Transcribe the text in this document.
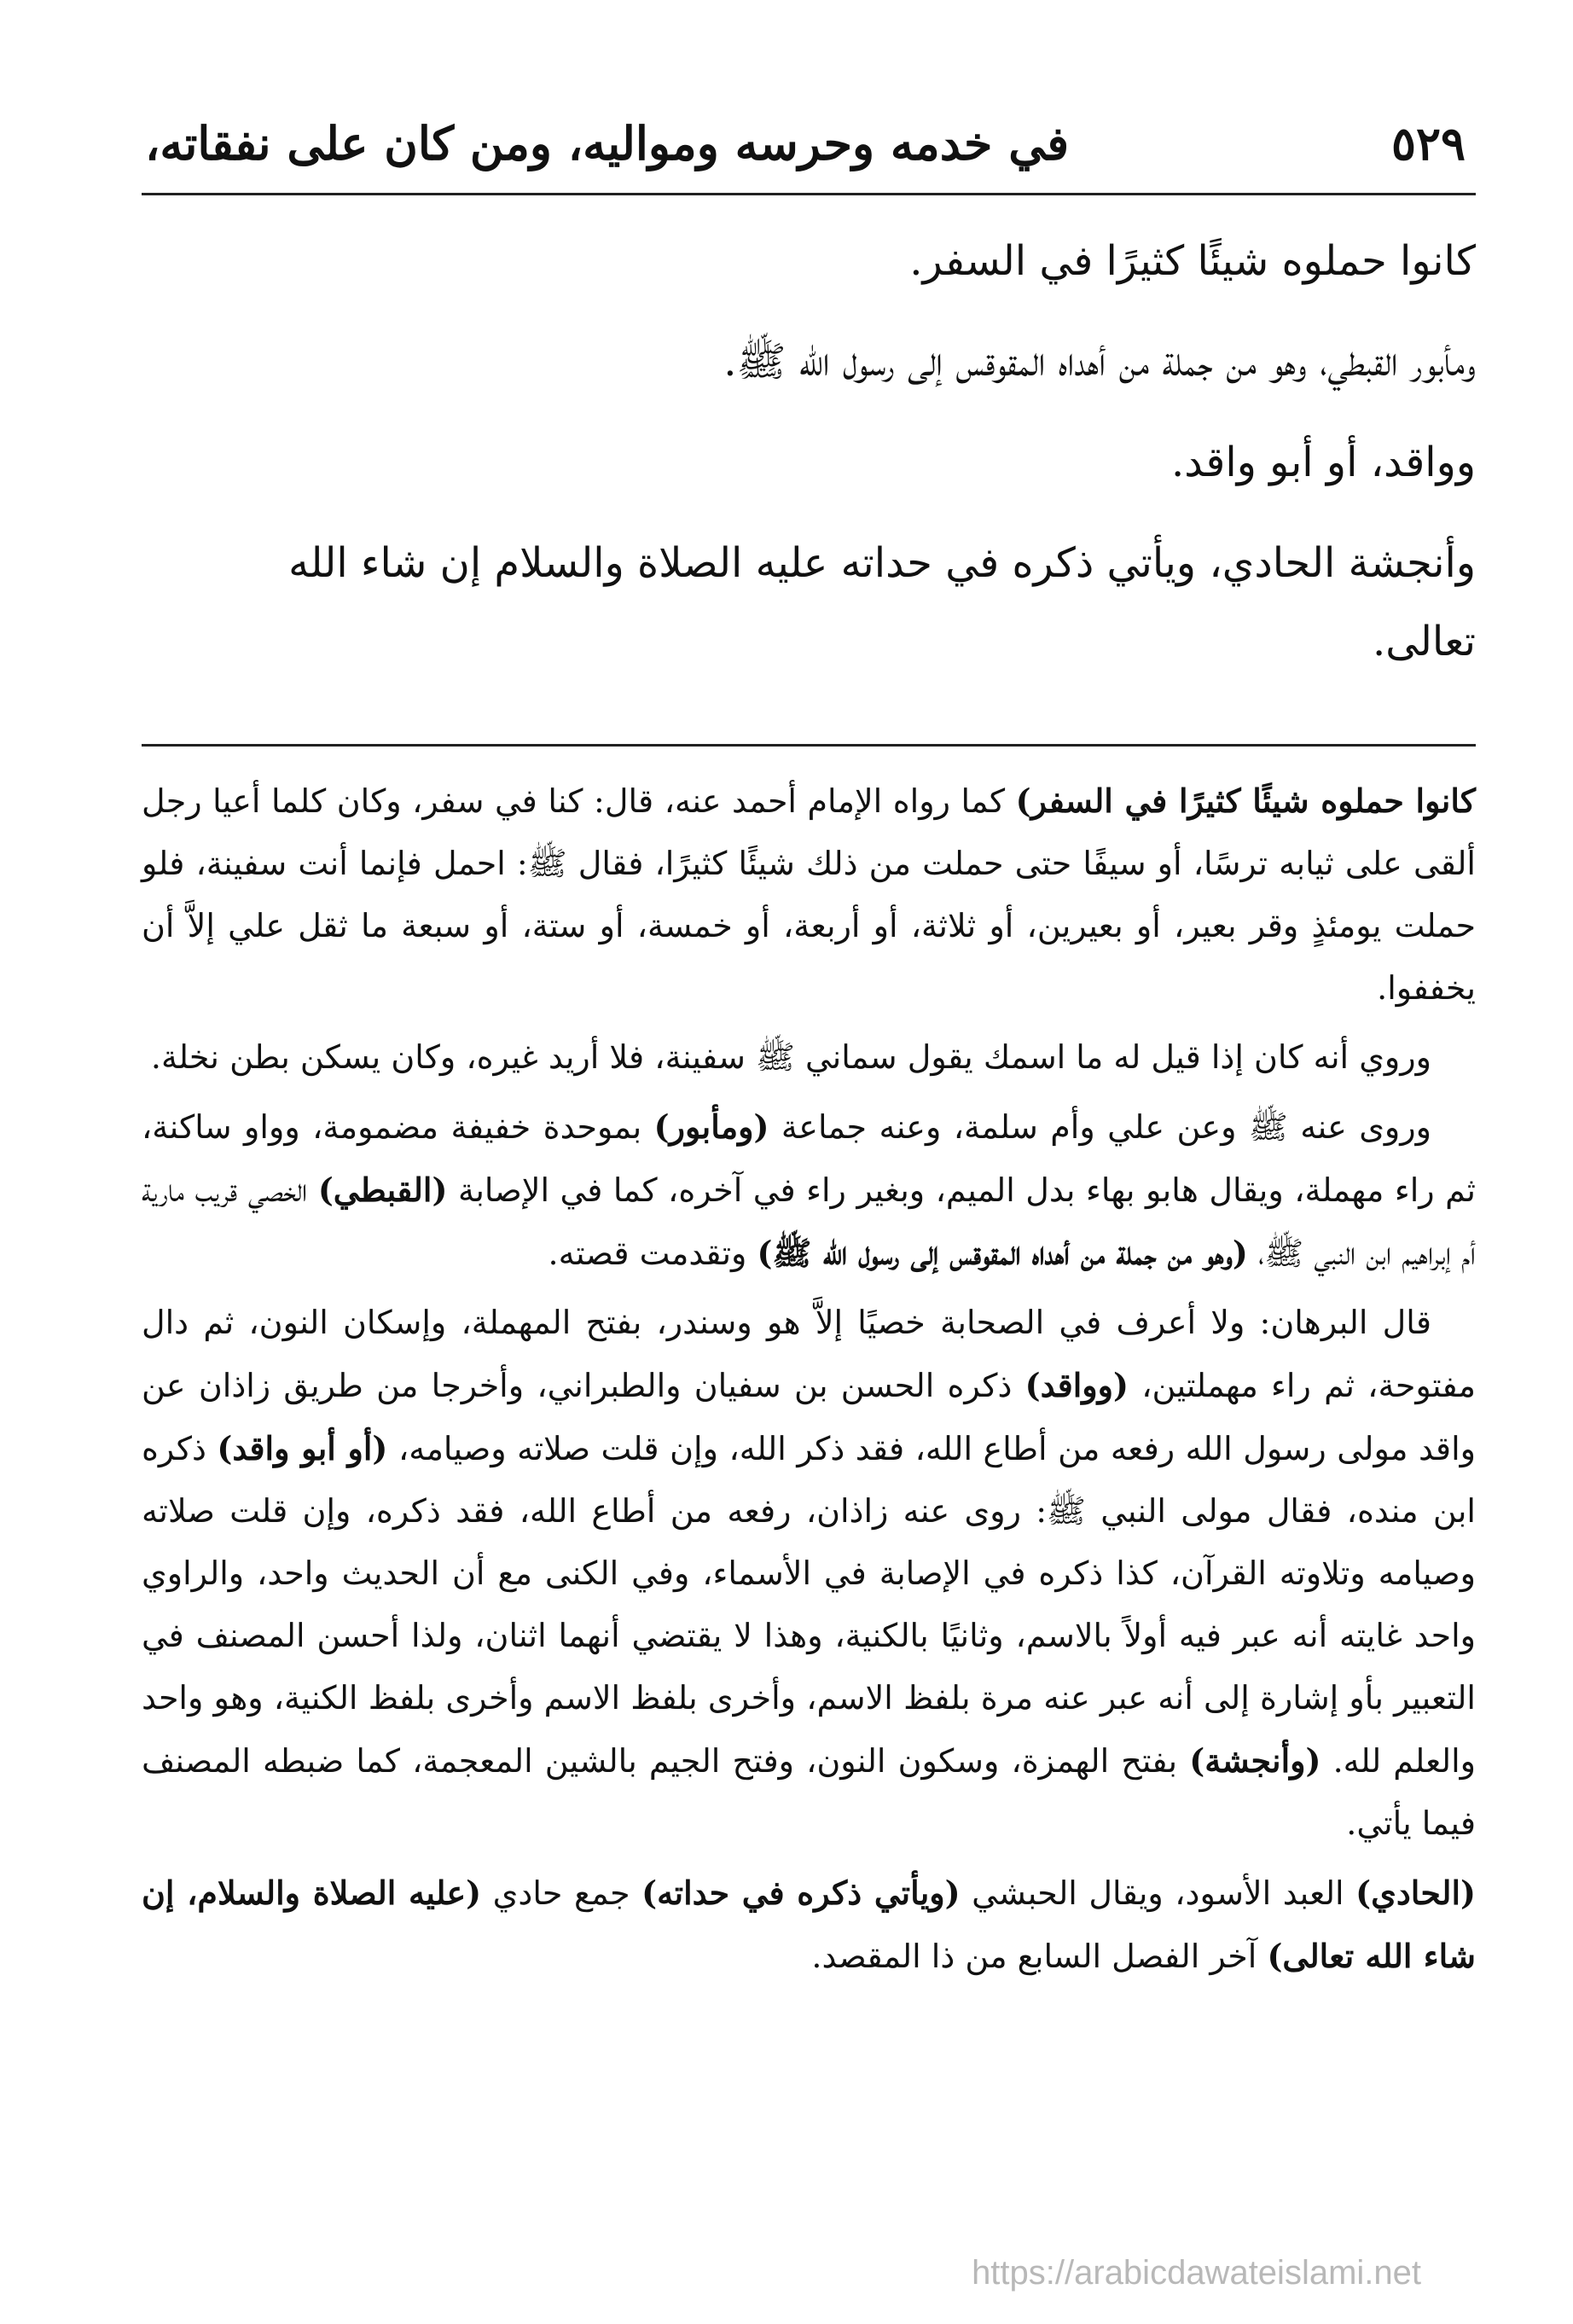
في خدمه وحرسه ومواليه، ومن كان على نفقاته،	٥٢٩

كانوا حملوه شيئًا كثيرًا في السفر.

ومأبور القبطي، وهو من جملة من أهداه المقوقس إلى رسول الله ﷺ.

وواقد، أو أبو واقد.

وأنجشة الحادي، ويأتي ذكره في حداته عليه الصلاة والسلام إن شاء الله
تعالى.

كانوا حملوه شيئًا كثيرًا في السفر) كما رواه الإمام أحمد عنه، قال: كنا في سفر، وكان كلما أعيا رجل ألقى على ثيابه ترسًا، أو سيفًا حتى حملت من ذلك شيئًا كثيرًا، فقال ﷺ: احمل فإنما أنت سفينة، فلو حملت يومئذٍ وقر بعير، أو بعيرين، أو ثلاثة، أو أربعة، أو خمسة، أو ستة، أو سبعة ما ثقل علي إلاَّ أن يخففوا.

وروي أنه كان إذا قيل له ما اسمك يقول سماني ﷺ سفينة، فلا أريد غيره، وكان يسكن بطن نخلة.

وروى عنه ﷺ وعن علي وأم سلمة، وعنه جماعة (ومأبور) بموحدة خفيفة مضمومة، وواو ساكنة، ثم راء مهملة، ويقال هابو بهاء بدل الميم، وبغير راء في آخره، كما في الإصابة (القبطي) الخصي قريب مارية أم إبراهيم ابن النبي ﷺ، (وهو من جملة من أهداه المقوقس إلى رسول الله ﷺ) وتقدمت قصته.

قال البرهان: ولا أعرف في الصحابة خصيًا إلاَّ هو وسندر، بفتح المهملة، وإسكان النون، ثم دال مفتوحة، ثم راء مهملتين، (وواقد) ذكره الحسن بن سفيان والطبراني، وأخرجا من طريق زاذان عن واقد مولى رسول الله رفعه من أطاع الله، فقد ذكر الله، وإن قلت صلاته وصيامه، (أو أبو واقد) ذكره ابن منده، فقال مولى النبي ﷺ: روى عنه زاذان، رفعه من أطاع الله، فقد ذكره، وإن قلت صلاته وصيامه وتلاوته القرآن، كذا ذكره في الإصابة في الأسماء، وفي الكنى مع أن الحديث واحد، والراوي واحد غايته أنه عبر فيه أولاً بالاسم، وثانيًا بالكنية، وهذا لا يقتضي أنهما اثنان، ولذا أحسن المصنف في التعبير بأو إشارة إلى أنه عبر عنه مرة بلفظ الاسم، وأخرى بلفظ الاسم وأخرى بلفظ الكنية، وهو واحد والعلم لله. (وأنجشة) بفتح الهمزة، وسكون النون، وفتح الجيم بالشين المعجمة، كما ضبطه المصنف فيما يأتي.

(الحادي) العبد الأسود، ويقال الحبشي (ويأتي ذكره في حداته) جمع حادي (عليه الصلاة والسلام، إن شاء الله تعالى) آخر الفصل السابع من ذا المقصد.

https://arabicdawateislami.net
